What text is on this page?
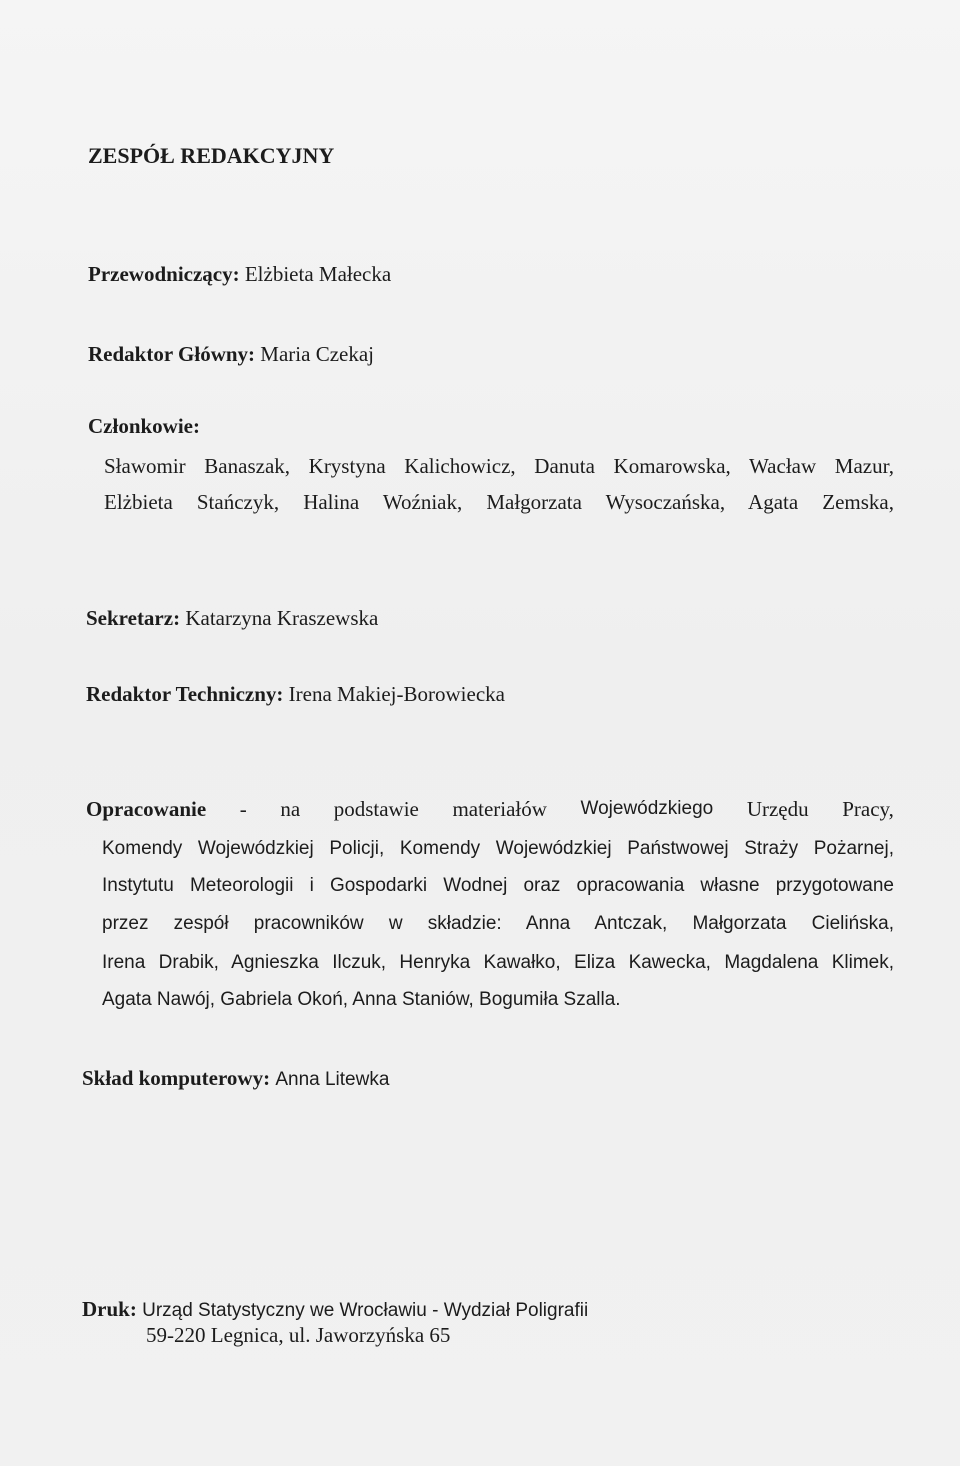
ZESPÓŁ REDAKCYJNY
Przewodniczący: Elżbieta Małecka
Redaktor Główny: Maria Czekaj
Członkowie:
Sławomir Banaszak, Krystyna Kalichowicz, Danuta Komarowska, Wacław Mazur,
Elżbieta Stańczyk, Halina Woźniak, Małgorzata Wysoczańska, Agata Zemska,
Sekretarz: Katarzyna Kraszewska
Redaktor Techniczny: Irena Makiej-Borowiecka
Opracowanie - na podstawie materiałów Wojewódzkiego Urzędu Pracy,
Komendy Wojewódzkiej Policji, Komendy Wojewódzkiej Państwowej Straży Pożarnej,
Instytutu Meteorologii i Gospodarki Wodnej oraz opracowania własne przygotowane
przez zespół pracowników w składzie: Anna Antczak, Małgorzata Cielińska,
Irena Drabik, Agnieszka Ilczuk, Henryka Kawałko, Eliza Kawecka, Magdalena Klimek,
Agata Nawój, Gabriela Okoń, Anna Staniów, Bogumiła Szalla.
Skład komputerowy: Anna Litewka
Druk: Urząd Statystyczny we Wrocławiu - Wydział Poligrafii
59-220 Legnica, ul. Jaworzyńska 65
